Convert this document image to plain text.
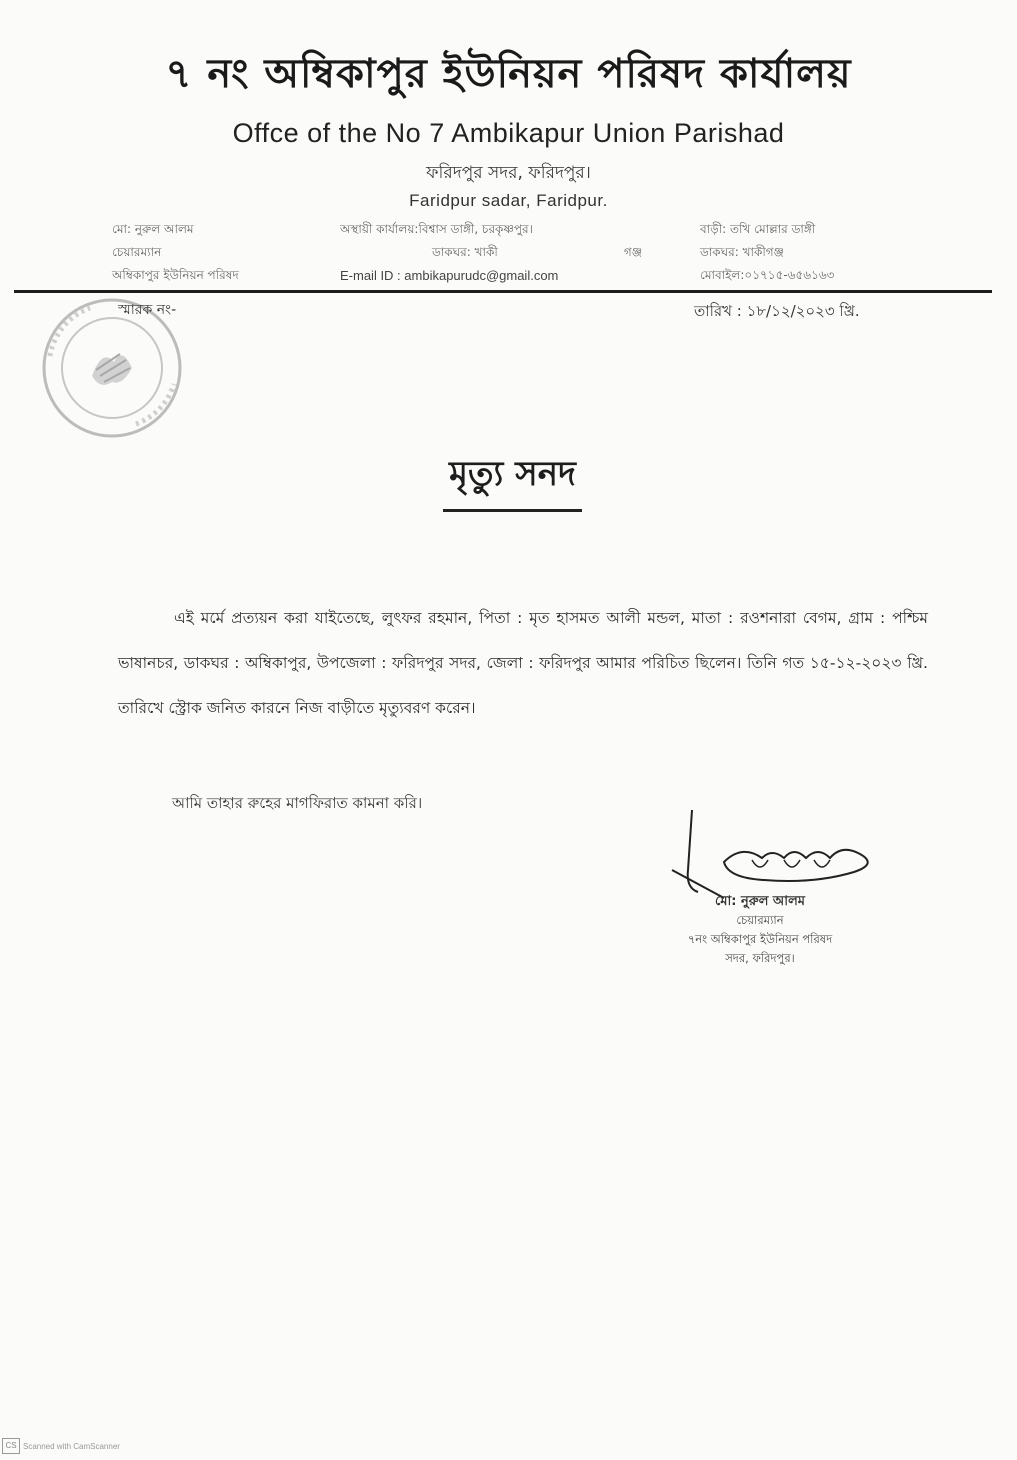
৭ নং অম্বিকাপুর ইউনিয়ন পরিষদ কার্যালয়
Offce of the No 7 Ambikapur Union Parishad
ফরিদপুর সদর, ফরিদপুর।
Faridpur sadar, Faridpur.
মো: নুরুল আলম
চেয়ারম্যান
অম্বিকাপুর ইউনিয়ন পরিষদ
অস্থায়ী কার্যালয়:বিশ্বাস ডাঙ্গী, চরকৃষ্ণপুর।
ডাকঘর: খাকী	গঞ্জ
E-mail ID : ambikapurudc@gmail.com
বাড়ী: তখি মোল্লার ডাঙ্গী
ডাকঘর: খাকীগঞ্জ
মোবাইল:০১৭১৫-৬৫৬১৬৩
স্মারক নং-	তারিখ : ১৮/১২/২০২৩ খ্রি.
মৃত্যু সনদ

এই মর্মে প্রত্যয়ন করা যাইতেছে, লুৎফর রহমান, পিতা : মৃত হাসমত আলী মন্ডল, মাতা : রওশনারা বেগম, গ্রাম : পশ্চিম ভাষানচর, ডাকঘর : অম্বিকাপুর, উপজেলা : ফরিদপুর সদর, জেলা : ফরিদপুর আমার পরিচিত ছিলেন। তিনি গত ১৫-১২-২০২৩ খ্রি. তারিখে স্ট্রোক জনিত কারনে নিজ বাড়ীতে মৃত্যুবরণ করেন।

আমি তাহার রুহের মাগফিরাত কামনা করি।
মো: নুরুল আলম
চেয়ারম্যান
৭নং অম্বিকাপুর ইউনিয়ন পরিষদ
সদর, ফরিদপুর।
CS Scanned with CamScanner
